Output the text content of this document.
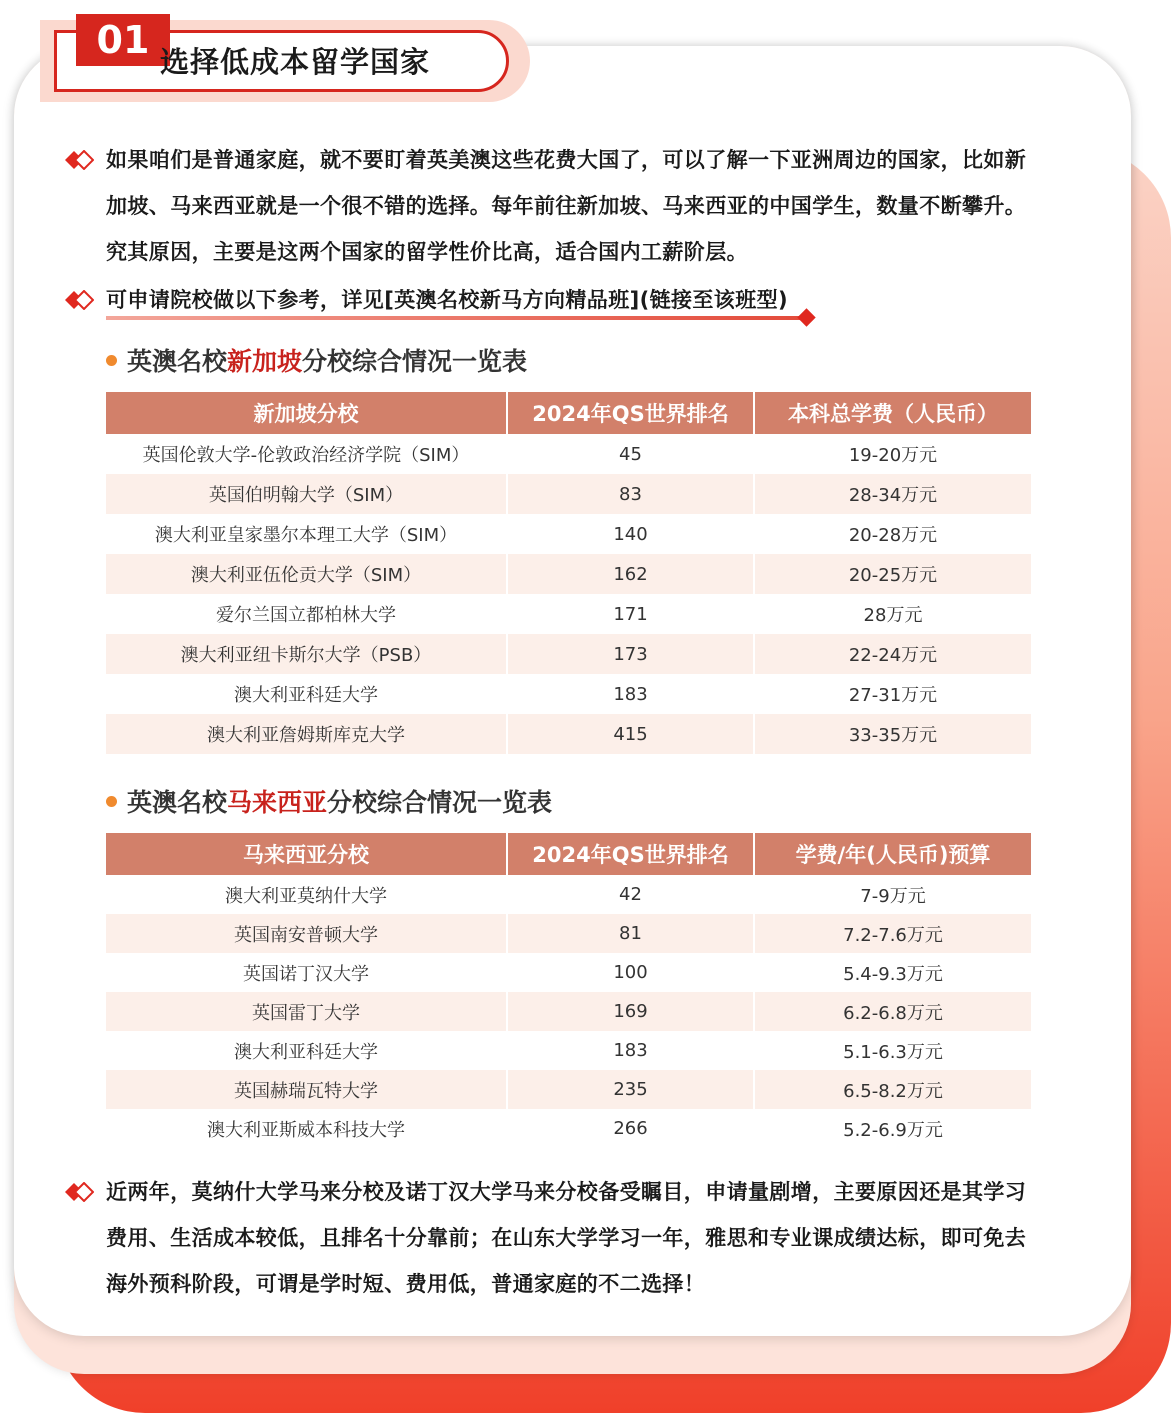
01 选择低成本留学国家
如果咱们是普通家庭，就不要盯着英美澳这些花费大国了，可以了解一下亚洲周边的国家，比如新加坡、马来西亚就是一个很不错的选择。每年前往新加坡、马来西亚的中国学生，数量不断攀升。究其原因，主要是这两个国家的留学性价比高，适合国内工薪阶层。
可申请院校做以下参考，详见[英澳名校新马方向精品班](链接至该班型)
英澳名校新加坡分校综合情况一览表
新加坡分校	2024年QS世界排名	本科总学费（人民币）
英国伦敦大学-伦敦政治经济学院（SIM）	45	19-20万元
英国伯明翰大学（SIM）	83	28-34万元
澳大利亚皇家墨尔本理工大学（SIM）	140	20-28万元
澳大利亚伍伦贡大学（SIM）	162	20-25万元
爱尔兰国立都柏林大学	171	28万元
澳大利亚纽卡斯尔大学（PSB）	173	22-24万元
澳大利亚科廷大学	183	27-31万元
澳大利亚詹姆斯库克大学	415	33-35万元
英澳名校马来西亚分校综合情况一览表
马来西亚分校	2024年QS世界排名	学费/年(人民币)预算
澳大利亚莫纳什大学	42	7-9万元
英国南安普顿大学	81	7.2-7.6万元
英国诺丁汉大学	100	5.4-9.3万元
英国雷丁大学	169	6.2-6.8万元
澳大利亚科廷大学	183	5.1-6.3万元
英国赫瑞瓦特大学	235	6.5-8.2万元
澳大利亚斯威本科技大学	266	5.2-6.9万元
近两年，莫纳什大学马来分校及诺丁汉大学马来分校备受瞩目，申请量剧增，主要原因还是其学习费用、生活成本较低，且排名十分靠前；在山东大学学习一年，雅思和专业课成绩达标，即可免去海外预科阶段，可谓是学时短、费用低，普通家庭的不二选择！
